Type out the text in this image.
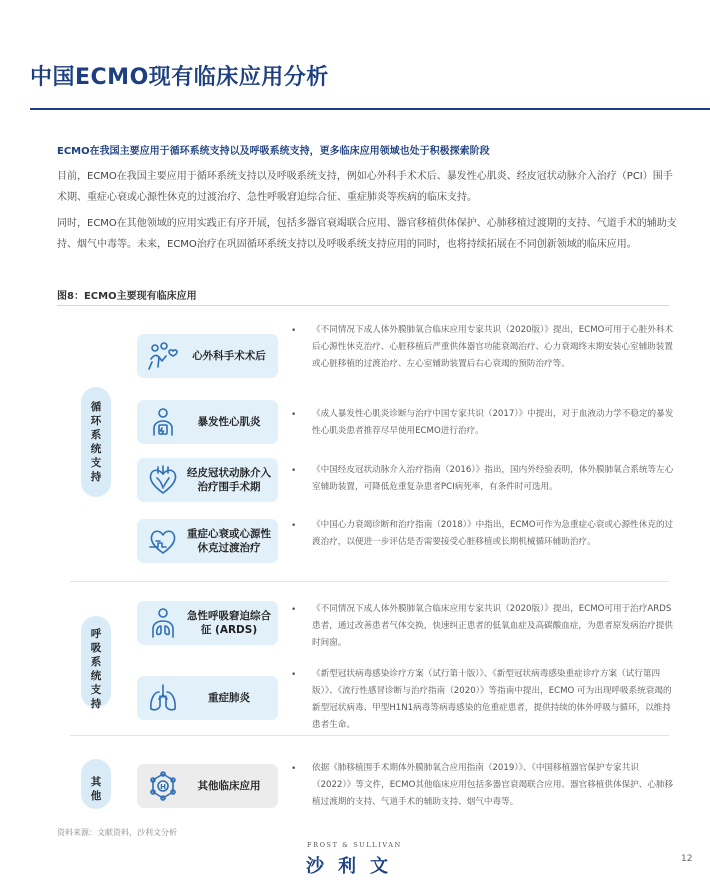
中国ECMO现有临床应用分析
ECMO在我国主要应用于循环系统支持以及呼吸系统支持，更多临床应用领域也处于积极探索阶段

目前，ECMO在我国主要应用于循环系统支持以及呼吸系统支持，例如心外科手术术后、暴发性心肌炎、经皮冠状动脉介入治疗（PCI）围手术期、重症心衰或心源性休克的过渡治疗、急性呼吸窘迫综合征、重症肺炎等疾病的临床支持。

同时，ECMO在其他领域的应用实践正有序开展，包括多器官衰竭联合应用、器官移植供体保护、心肺移植过渡期的支持、气道手术的辅助支持、烟气中毒等。未来，ECMO治疗在巩固循环系统支持以及呼吸系统支持应用的同时，也将持续拓展在不同创新领域的临床应用。

图8：ECMO主要现有临床应用
循
环
系
统
支
持
呼
吸
系
统
支
持
其
他
心外科手术术后
• 《不同情况下成人体外膜肺氧合临床应用专家共识（2020版）》提出，ECMO可用于心脏外科术后心源性休克治疗、心脏移植后严重供体器官功能衰竭治疗、心力衰竭终末期安装心室辅助装置或心脏移植的过渡治疗、左心室辅助装置后右心衰竭的预防治疗等。
暴发性心肌炎
• 《成人暴发性心肌炎诊断与治疗中国专家共识（2017）》中提出，对于血液动力学不稳定的暴发性心肌炎患者推荐尽早使用ECMO进行治疗。
经皮冠状动脉介入治疗围手术期
• 《中国经皮冠状动脉介入治疗指南（2016）》指出，国内外经验表明，体外膜肺氧合系统等左心室辅助装置，可降低危重复杂患者PCI病死率，有条件时可选用。
重症心衰或心源性休克过渡治疗
• 《中国心力衰竭诊断和治疗指南（2018）》中指出，ECMO可作为急重症心衰或心源性休克的过渡治疗，以便进一步评估是否需要接受心脏移植或长期机械循环辅助治疗。
急性呼吸窘迫综合征 (ARDS)
• 《不同情况下成人体外膜肺氧合临床应用专家共识（2020版）》提出，ECMO可用于治疗ARDS患者，通过改善患者气体交换，快速纠正患者的低氧血症及高碳酸血症，为患者原发病治疗提供时间窗。
重症肺炎
• 《新型冠状病毒感染诊疗方案（试行第十版）》、《新型冠状病毒感染重症诊疗方案（试行第四版）》、《流行性感冒诊断与治疗指南（2020）》等指南中提出，ECMO 可为出现呼吸系统衰竭的新型冠状病毒、甲型H1N1病毒等病毒感染的危重症患者，提供持续的体外呼吸与循环，以维持患者生命。
H	其他临床应用
• 依据《肺移植围手术期体外膜肺氧合应用指南（2019）》、《中国移植器官保护专家共识（2022）》等文件，ECMO其他临床应用包括多器官衰竭联合应用、器官移植供体保护、心肺移植过渡期的支持、气道手术的辅助支持、烟气中毒等。
资料来源：文献资料，沙利文分析
FROST & SULLIVAN
沙利文	12
